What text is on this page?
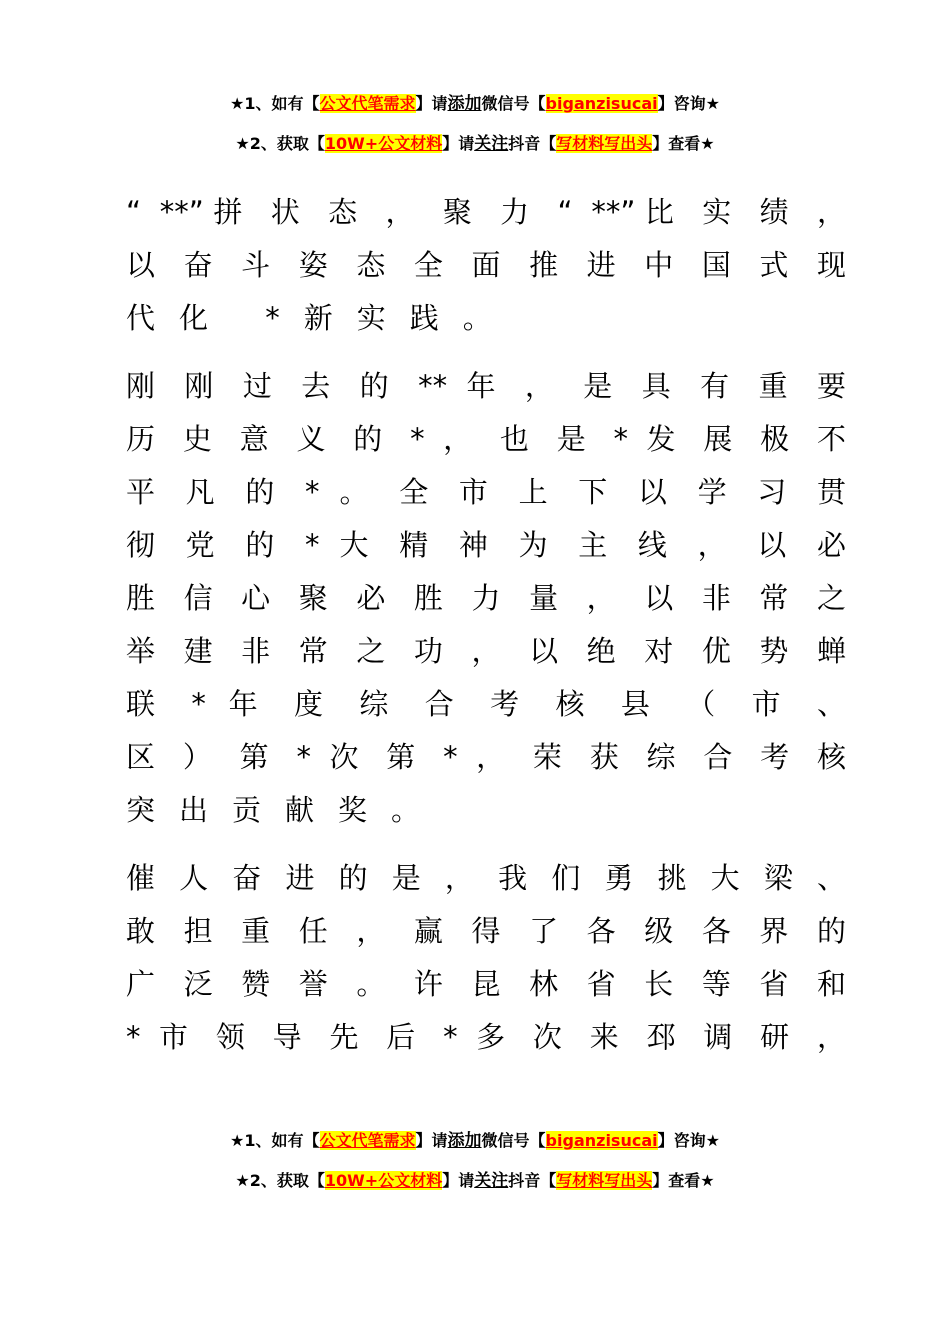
★1、如有【公文代笔需求】请添加微信号【biganzisucai】咨询★
★2、获取【10W+公文材料】请关注抖音【写材料写出头】查看★
“ **”拼 状 态 ， 聚 力 “ **”比 实 绩 ，
以 奋 斗 姿 态 全 面 推 进 中 国 式 现
代化 *新实践。
刚 刚 过 去 的 ** 年 ， 是 具 有 重 要
历 史 意 义 的 * ， 也 是 * 发 展 极 不
平 凡 的 * 。 全 市 上 下 以 学 习 贯
彻 党 的 * 大 精 神 为 主 线 ， 以 必
胜 信 心 聚 必 胜 力 量 ， 以 非 常 之
举 建 非 常 之 功 ， 以 绝 对 优 势 蝉
联 * 年 度 综 合 考 核 县 （ 市 、
区 ） 第 * 次 第 * ， 荣 获 综 合 考 核
突出贡献奖。
催 人 奋 进 的 是 ， 我 们 勇 挑 大 梁 、
敢 担 重 任 ， 赢 得 了 各 级 各 界 的
广 泛 赞 誉 。 许 昆 林 省 长 等 省 和
* 市 领 导 先 后 * 多 次 来 邳 调 研 ，
★1、如有【公文代笔需求】请添加微信号【biganzisucai】咨询★
★2、获取【10W+公文材料】请关注抖音【写材料写出头】查看★
